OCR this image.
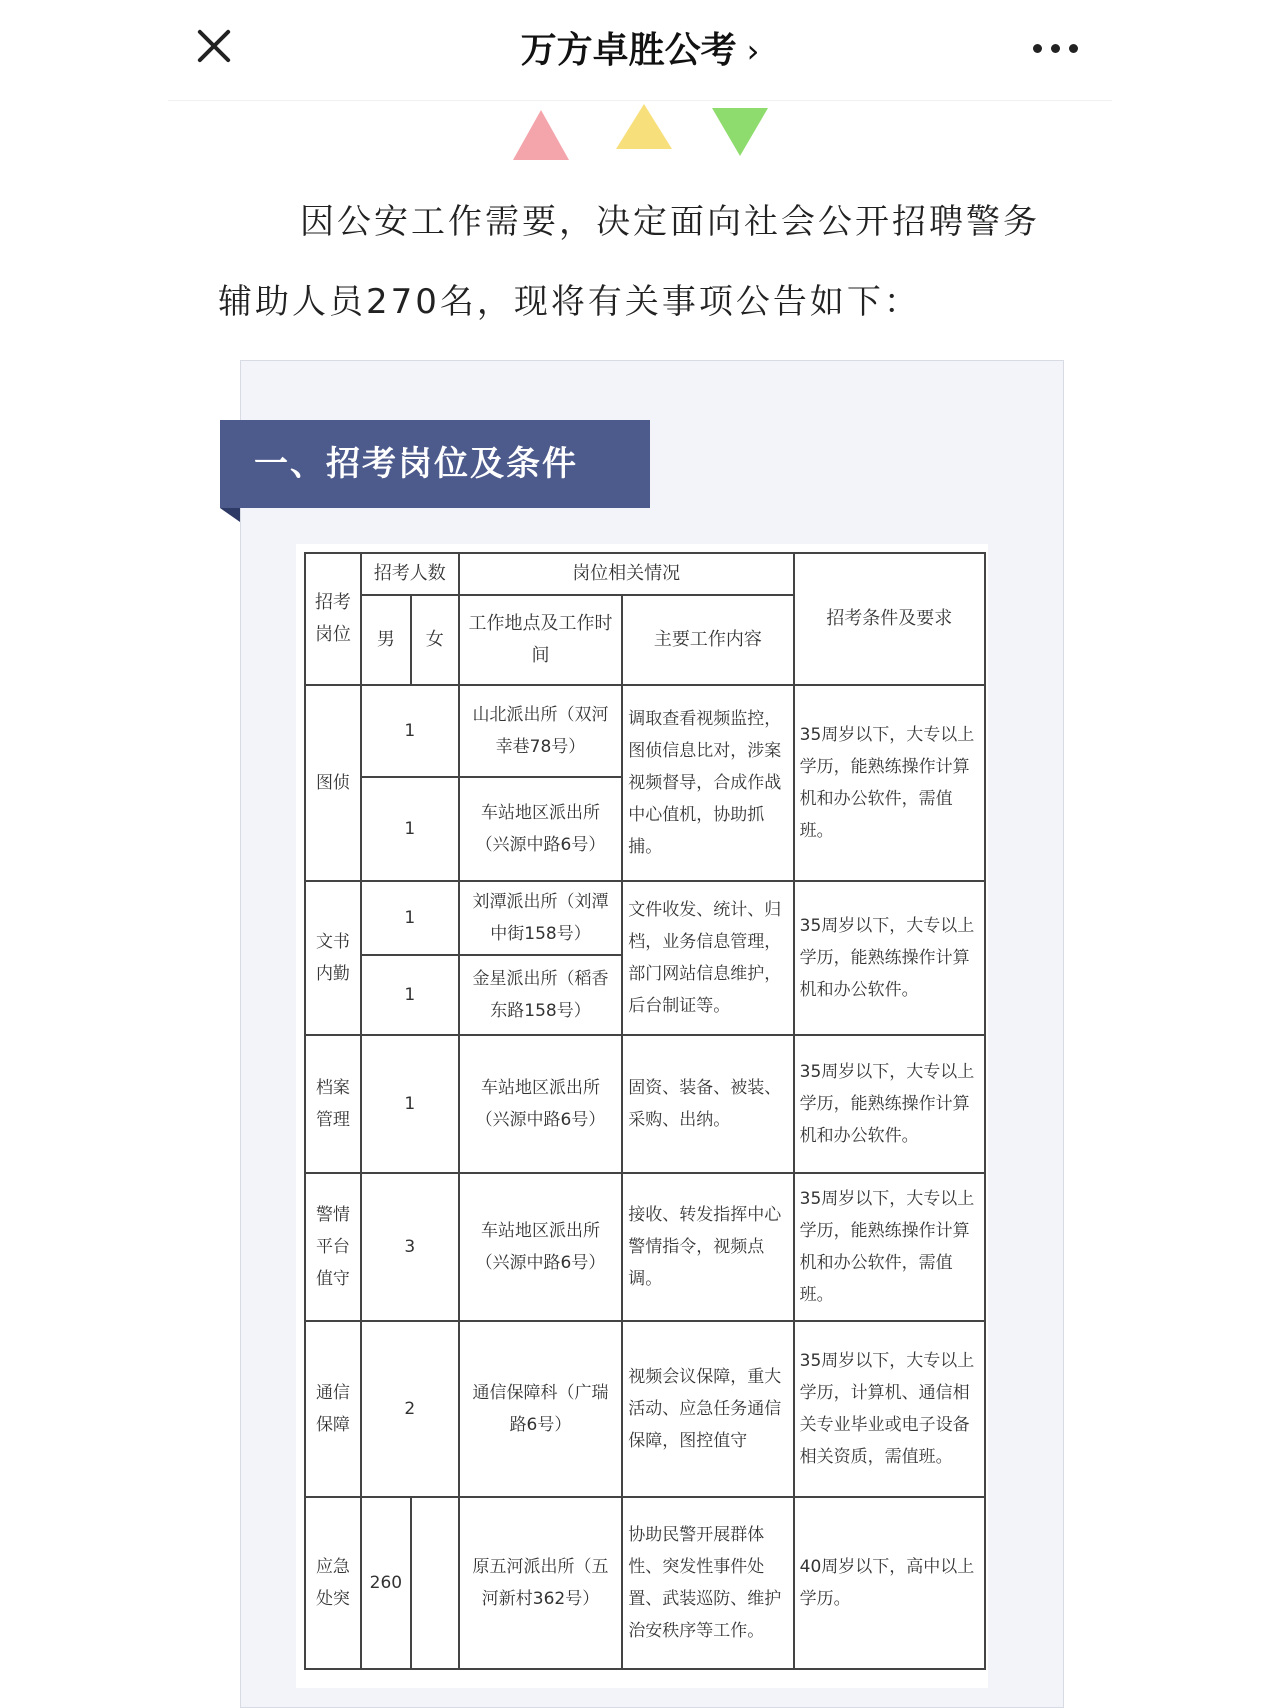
万方卓胜公考 ›
因公安工作需要，决定面向社会公开招聘警务
辅助人员270名，现将有关事项公告如下：
一、招考岗位及条件
招考岗位	招考人数		岗位相关情况		招考条件及要求
	男	女	工作地点及工作时间	主要工作内容	
图侦	1		山北派出所（双河幸巷78号）	调取查看视频监控，图侦信息比对，涉案视频督导，合成作战中心值机，协助抓捕。	35周岁以下，大专以上学历，能熟练操作计算机和办公软件，需值班。
	1		车站地区派出所（兴源中路6号）		
文书内勤	1		刘潭派出所（刘潭中街158号）	文件收发、统计、归档，业务信息管理，部门网站信息维护，后台制证等。	35周岁以下，大专以上学历，能熟练操作计算机和办公软件。
	1		金星派出所（稻香东路158号）		
档案管理	1		车站地区派出所（兴源中路6号）	固资、装备、被装、采购、出纳。	35周岁以下，大专以上学历，能熟练操作计算机和办公软件。
警情平台值守	3		车站地区派出所（兴源中路6号）	接收、转发指挥中心警情指令，视频点调。	35周岁以下，大专以上学历，能熟练操作计算机和办公软件，需值班。
通信保障	2		通信保障科（广瑞路6号）	视频会议保障，重大活动、应急任务通信保障，图控值守	35周岁以下，大专以上学历，计算机、通信相关专业毕业或电子设备相关资质，需值班。
应急处突	260		原五河派出所（五河新村362号）	协助民警开展群体性、突发性事件处置、武装巡防、维护治安秩序等工作。	40周岁以下，高中以上学历。
